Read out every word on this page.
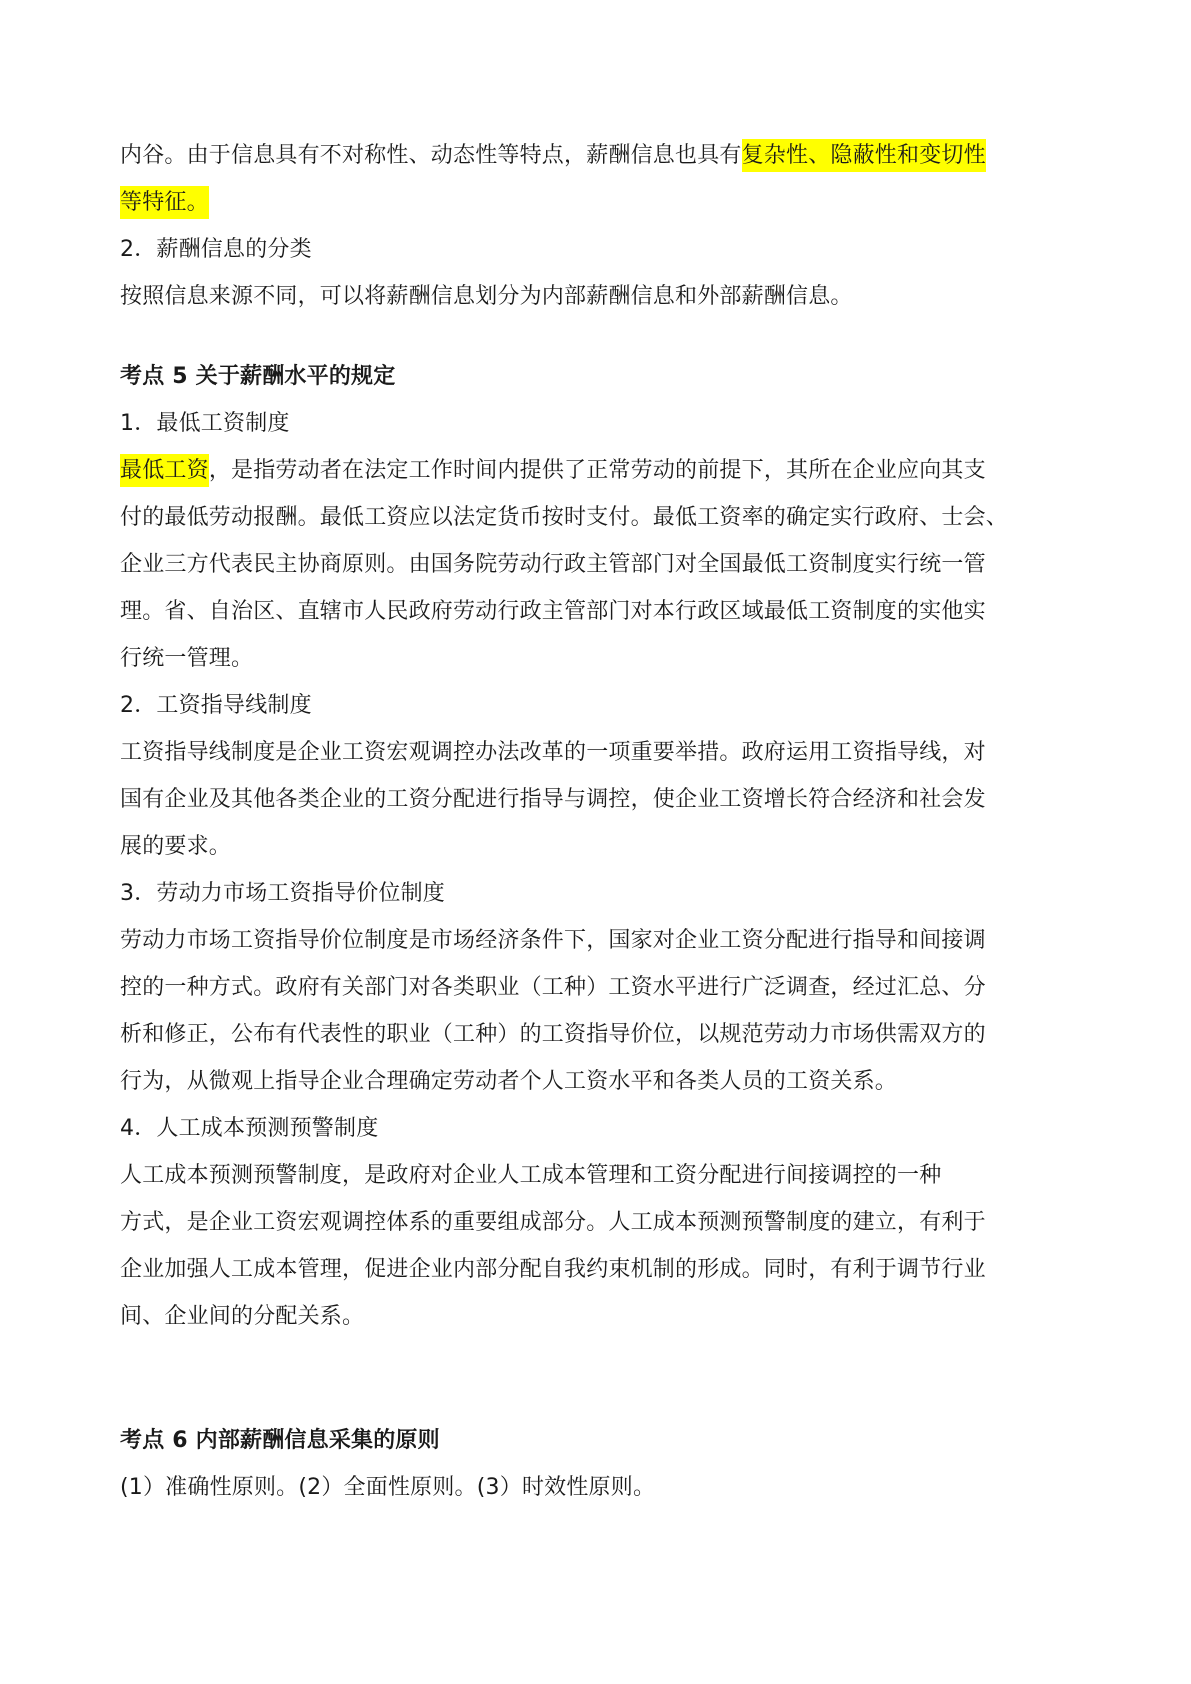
内谷。由于信息具有不对称性、动态性等特点，薪酬信息也具有复杂性、隐蔽性和变切性
等特征。
2．薪酬信息的分类
按照信息来源不同，可以将薪酬信息划分为内部薪酬信息和外部薪酬信息。
考点 5 关于薪酬水平的规定
1．最低工资制度
最低工资，是指劳动者在法定工作时间内提供了正常劳动的前提下，其所在企业应向其支
付的最低劳动报酬。最低工资应以法定货币按时支付。最低工资率的确定实行政府、士会、
企业三方代表民主协商原则。由国务院劳动行政主管部门对全国最低工资制度实行统一管
理。省、自治区、直辖市人民政府劳动行政主管部门对本行政区域最低工资制度的实他实
行统一管理。
2．工资指导线制度
工资指导线制度是企业工资宏观调控办法改革的一项重要举措。政府运用工资指导线，对
国有企业及其他各类企业的工资分配进行指导与调控，使企业工资增长符合经济和社会发
展的要求。
3．劳动力市场工资指导价位制度
劳动力市场工资指导价位制度是市场经济条件下，国家对企业工资分配进行指导和间接调
控的一种方式。政府有关部门对各类职业（工种）工资水平进行广泛调查，经过汇总、分
析和修正，公布有代表性的职业（工种）的工资指导价位，以规范劳动力市场供需双方的
行为，从微观上指导企业合理确定劳动者个人工资水平和各类人员的工资关系。
4．人工成本预测预警制度
人工成本预测预警制度，是政府对企业人工成本管理和工资分配进行间接调控的一种
方式，是企业工资宏观调控体系的重要组成部分。人工成本预测预警制度的建立，有利于
企业加强人工成本管理，促进企业内部分配自我约束机制的形成。同时，有利于调节行业
间、企业间的分配关系。
考点 6 内部薪酬信息采集的原则
(1）准确性原则。(2）全面性原则。(3）时效性原则。
